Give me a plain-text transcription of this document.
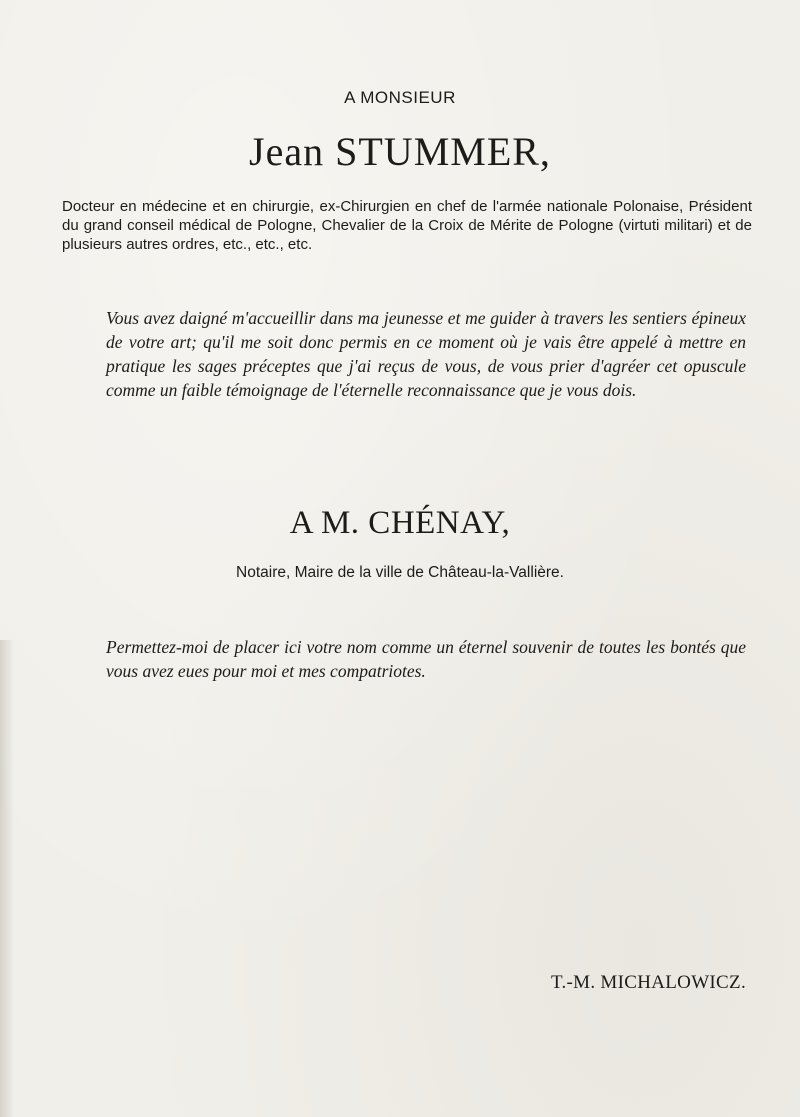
A MONSIEUR

Jean STUMMER,

Docteur en médecine et en chirurgie, ex-Chirurgien en chef de l'armée nationale Polonaise, Président du grand conseil médical de Pologne, Chevalier de la Croix de Mérite de Pologne (virtuti militari) et de plusieurs autres ordres, etc., etc., etc.

Vous avez daigné m'accueillir dans ma jeunesse et me guider à travers les sentiers épineux de votre art; qu'il me soit donc permis en ce moment où je vais être appelé à mettre en pratique les sages préceptes que j'ai reçus de vous, de vous prier d'agréer cet opuscule comme un faible témoignage de l'éternelle reconnaissance que je vous dois.

A M. CHÉNAY,

Notaire, Maire de la ville de Château-la-Vallière.

Permettez-moi de placer ici votre nom comme un éternel souvenir de toutes les bontés que vous avez eues pour moi et mes compatriotes.

T.-M. MICHALOWICZ.
